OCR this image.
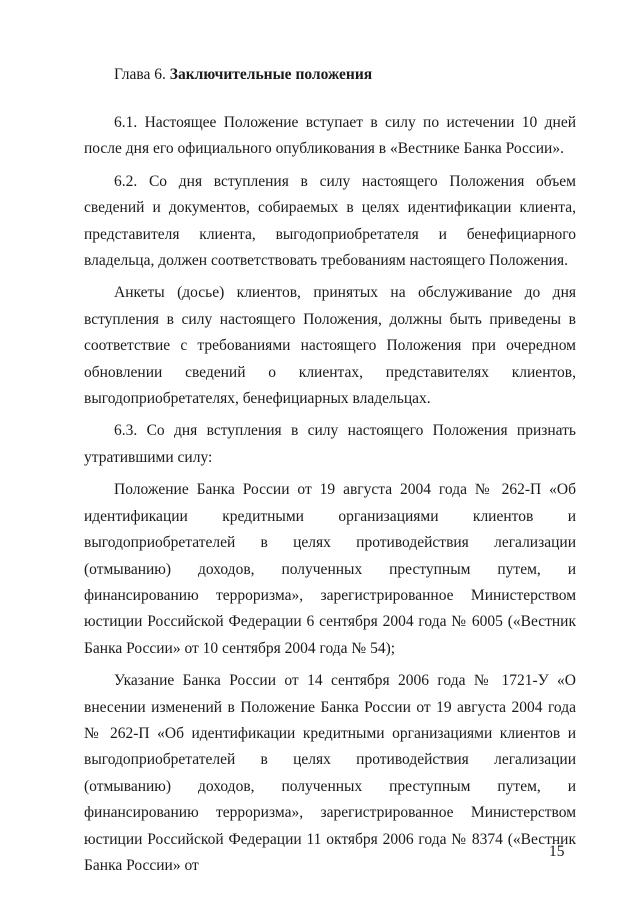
Глава 6. Заключительные положения

6.1. Настоящее Положение вступает в силу по истечении 10 дней после дня его официального опубликования в «Вестнике Банка России».

6.2. Со дня вступления в силу настоящего Положения объем сведений и документов, собираемых в целях идентификации клиента, представителя клиента, выгодоприобретателя и бенефициарного владельца, должен соответствовать требованиям настоящего Положения.

Анкеты (досье) клиентов, принятых на обслуживание до дня вступления в силу настоящего Положения, должны быть приведены в соответствие с требованиями настоящего Положения при очередном обновлении сведений о клиентах, представителях клиентов, выгодоприобретателях, бенефициарных владельцах.

6.3. Со дня вступления в силу настоящего Положения признать утратившими силу:

Положение Банка России от 19 августа 2004 года № 262-П «Об идентификации кредитными организациями клиентов и выгодоприобретателей в целях противодействия легализации (отмыванию) доходов, полученных преступным путем, и финансированию терроризма», зарегистрированное Министерством юстиции Российской Федерации 6 сентября 2004 года № 6005 («Вестник Банка России» от 10 сентября 2004 года № 54);

Указание Банка России от 14 сентября 2006 года № 1721-У «О внесении изменений в Положение Банка России от 19 августа 2004 года № 262-П «Об идентификации кредитными организациями клиентов и выгодоприобретателей в целях противодействия легализации (отмыванию) доходов, полученных преступным путем, и финансированию терроризма», зарегистрированное Министерством юстиции Российской Федерации 11 октября 2006 года № 8374 («Вестник Банка России» от

15
